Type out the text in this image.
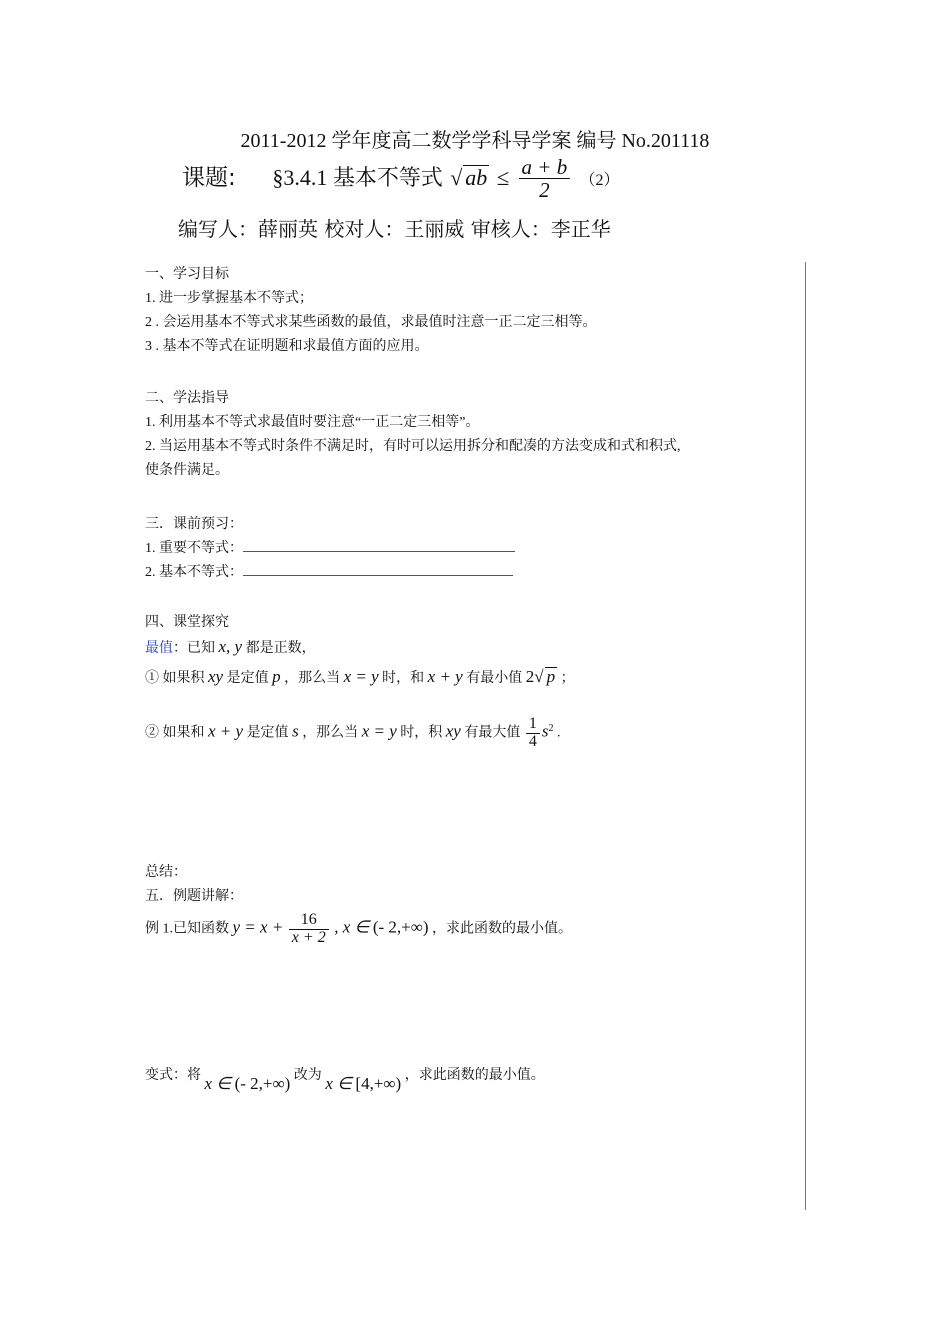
2011-2012 学年度高二数学学科导学案 编号 No.201118
课题: §3.4.1 基本不等式 √ ab ≤ $\frac{a + b}{2} (2)$
编写人：薛丽英 校对人：王丽威 审核人：李正华

一、学习目标

1. 进一步掌握基本不等式；

2 . 会运用基本不等式求某些函数的最值，求最值时注意一正二定三相等。

3 . 基本不等式在证明题和求最值方面的应用。

二、学法指导

1. 利用基本不等式求最值时要注意“一正二定三相等”。

2. 当运用基本不等式时条件不满足时，有时可以运用拆分和配凑的方法变成和式和积式,

使条件满足。

三．课前预习：

1. 重要不等式：

2. 基本不等式：

四、课堂探究

最值：已知 x, y 都是正数，

① 如果积 xy 是定值 p ，那么当 x = y 时，和 x + y 有最小值 2√ p ；
② 如果和 x + y 是定值 s ，那么当 x = y 时，积 xy 有最大值 $\frac{1}{4} s^2$ .

总结：

五．例题讲解：

例 1.已知函数 $y = x + \frac{16}{x + 2}$ , x ∈ (- 2,+∞) ，求此函数的最小值。
变式：将 x ∈ (- 2,+∞) 改为 x ∈ [4,+∞) ，求此函数的最小值。
